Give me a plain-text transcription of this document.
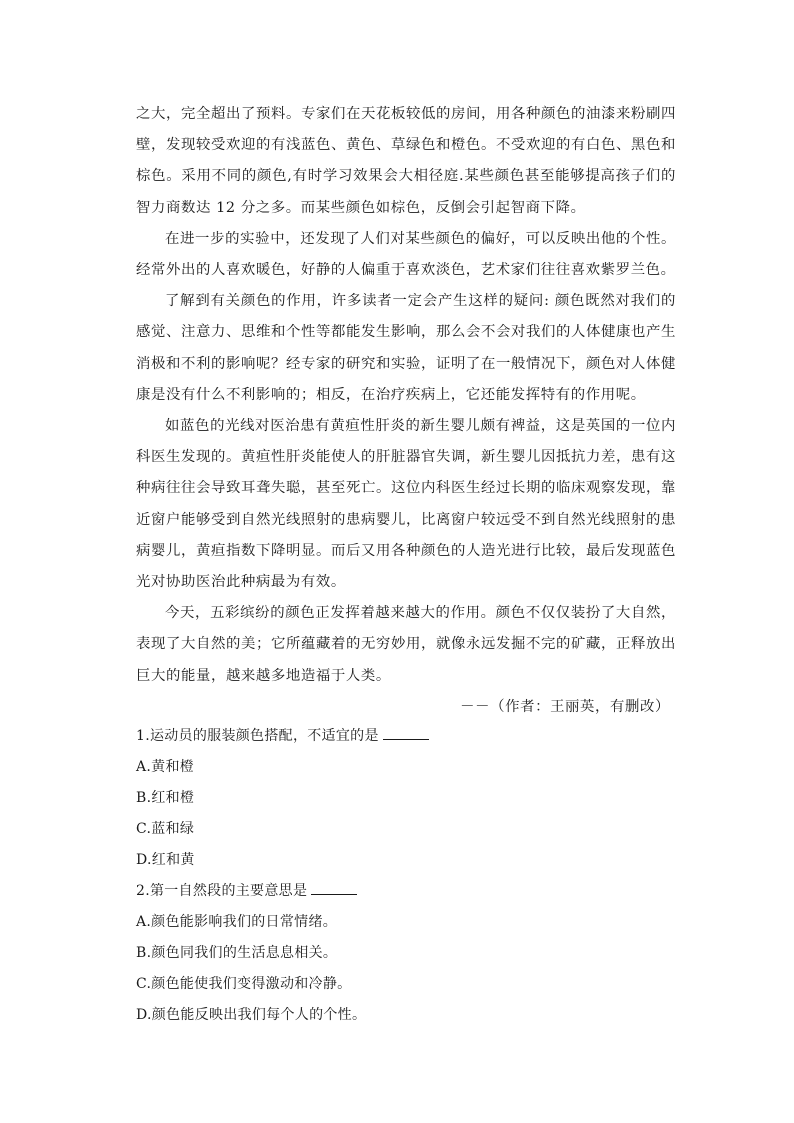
之大，完全超出了预料。专家们在天花板较低的房间，用各种颜色的油漆来粉刷四壁，发现较受欢迎的有浅蓝色、黄色、草绿色和橙色。不受欢迎的有白色、黑色和棕色。采用不同的颜色,有时学习效果会大相径庭.某些颜色甚至能够提高孩子们的智力商数达 12 分之多。而某些颜色如棕色，反倒会引起智商下降。

在进一步的实验中，还发现了人们对某些颜色的偏好，可以反映出他的个性。经常外出的人喜欢暖色，好静的人偏重于喜欢淡色，艺术家们往往喜欢紫罗兰色。

了解到有关颜色的作用，许多读者一定会产生这样的疑问: 颜色既然对我们的感觉、注意力、思维和个性等都能发生影响，那么会不会对我们的人体健康也产生消极和不利的影响呢？经专家的研究和实验，证明了在一般情况下，颜色对人体健康是没有什么不利影响的；相反，在治疗疾病上，它还能发挥特有的作用呢。

如蓝色的光线对医治患有黄疸性肝炎的新生婴儿颇有裨益，这是英国的一位内科医生发现的。黄疸性肝炎能使人的肝脏器官失调，新生婴儿因抵抗力差，患有这种病往往会导致耳聋失聪，甚至死亡。这位内科医生经过长期的临床观察发现，靠近窗户能够受到自然光线照射的患病婴儿，比离窗户较远受不到自然光线照射的患病婴儿，黄疸指数下降明显。而后又用各种颜色的人造光进行比较，最后发现蓝色光对协助医治此种病最为有效。

今天，五彩缤纷的颜色正发挥着越来越大的作用。颜色不仅仅装扮了大自然，表现了大自然的美；它所蕴藏着的无穷妙用，就像永远发掘不完的矿藏，正释放出巨大的能量，越来越多地造福于人类。

－－（作者：王丽英，有删改）

1.运动员的服装颜色搭配，不适宜的是

A.黄和橙

B.红和橙

C.蓝和绿

D.红和黄

2.第一自然段的主要意思是

A.颜色能影响我们的日常情绪。

B.颜色同我们的生活息息相关。

C.颜色能使我们变得激动和冷静。

D.颜色能反映出我们每个人的个性。
